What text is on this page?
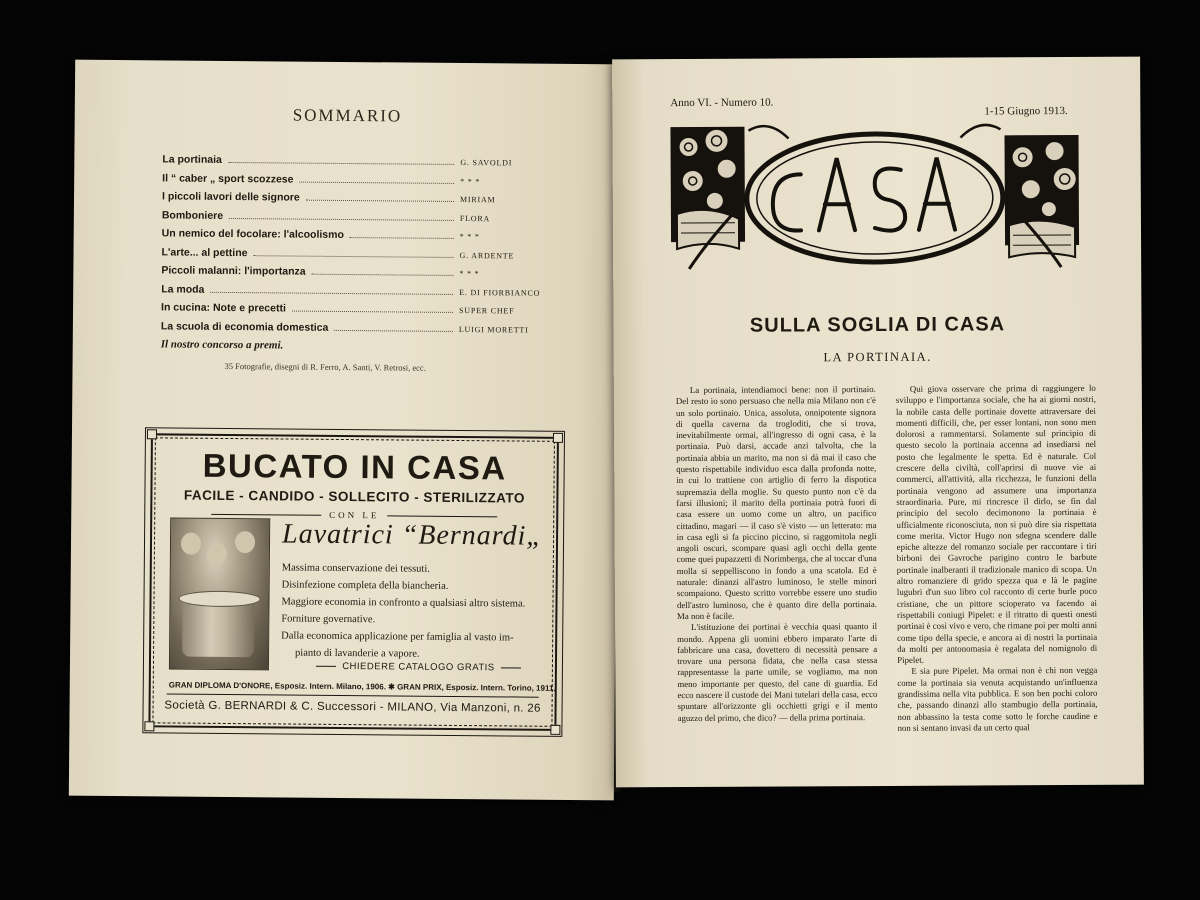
SOMMARIO
La portinaia	G. SAVOLDI
Il “ caber „ sport scozzese	* * *
I piccoli lavori delle signore	MIRIAM
Bomboniere	FLORA
Un nemico del focolare: l'alcoolismo	* * *
L'arte... al pettine	G. ARDENTE
Piccoli malanni: l'importanza	* * *
La moda	E. DI FIORBIANCO
In cucina: Note e precetti	SUPER CHEF
La scuola di economia domestica	LUIGI MORETTI
Il nostro concorso a premi.
35 Fotografie, disegni di R. Ferro, A. Santi, V. Retrosi, ecc.
BUCATO IN CASA
FACILE - CANDIDO - SOLLECITO - STERILIZZATO
CON LE
Lavatrici “Bernardi„
Massima conservazione dei tessuti.
Disinfezione completa della biancheria.
Maggiore economia in confronto a qualsiasi altro sistema.
Forniture governative.
Dalla economica applicazione per famiglia al vasto im-
pianto di lavanderie a vapore.
CHIEDERE CATALOGO GRATIS
GRAN DIPLOMA D'ONORE, Esposiz. Intern. Milano, 1906. ✱ GRAN PRIX, Esposiz. Intern. Torino, 1911.
Società G. BERNARDI & C. Successori - MILANO, Via Manzoni, n. 26
Anno VI. - Numero 10.
1-15 Giugno 1913.
SULLA SOGLIA DI CASA
LA PORTINAIA.

La portinaia, intendiamoci bene: non il portinaio. Del resto io sono persuaso che nella mia Milano non c'è un solo portinaio. Unica, assoluta, onnipotente signora di quella caverna da trogloditi, che si trova, inevitabilmente ormai, all'ingresso di ogni casa, è la portinaia. Può darsi, accade anzi talvolta, che la portinaia abbia un marito, ma non si dà mai il caso che questo rispettabile individuo esca dalla profonda notte, in cui lo trattiene con artiglio di ferro la dispotica supremazia della moglie. Su questo punto non c'è da farsi illusioni; il marito della portinaia potrà fuori di casa essere un uomo come un altro, un pacifico cittadino, magari — il caso s'è visto — un letterato: ma in casa egli si fa piccino piccino, si raggomitola negli angoli oscuri, scompare quasi agli occhi della gente come quei pupazzetti di Norimberga, che al toccar d'una molla si seppelliscono in fondo a una scatola. Ed è naturale: dinanzi all'astro luminoso, le stelle minori scompaiono. Questo scritto vorrebbe essere uno studio dell'astro luminoso, che è quanto dire della portinaia. Ma non è facile.

L'istituzione dei portinai è vecchia quasi quanto il mondo. Appena gli uomini ebbero imparato l'arte di fabbricare una casa, dovettero di necessità pensare a trovare una persona fidata, che nella casa stessa rappresentasse la parte umile, se vogliamo, ma non meno importante per questo, del cane di guardia. Ed ecco nascere il custode dei Mani tutelari della casa, ecco spuntare all'orizzonte gli occhietti grigi e il mento aguzzo del primo, che dico? — della prima portinaia.

Qui giova osservare che prima di raggiungere lo sviluppo e l'importanza sociale, che ha ai giorni nostri, la nobile casta delle portinaie dovette attraversare dei momenti difficili, che, per esser lontani, non sono men dolorosi a rammentarsi. Solamente sul principio di questo secolo la portinaia accenna ad insediarsi nel posto che legalmente le spetta. Ed è naturale. Col crescere della civiltà, coll'aprirsi di nuove vie ai commerci, all'attività, alla ricchezza, le funzioni della portinaia vengono ad assumere una importanza straordinaria. Pure, mi rincresce il dirlo, se fin dal principio del secolo decimonono la portinaia è ufficialmente riconosciuta, non si può dire sia rispettata come merita. Victor Hugo non sdegna scendere dalle epiche altezze del romanzo sociale per raccontare i tiri birboni dei Gavroche parigino contro le barbute portinale inalberanti il tradizionale manico di scopa. Un altro romanziere di grido spezza qua e là le pagine lugubri d'un suo libro col racconto di certe burle poco cristiane, che un pittore scioperato va facendo ai rispettabili coniugi Pipelet: e il ritratto di questi onesti portinai è così vivo e vero, che rimane poi per molti anni come tipo della specie, e ancora ai dì nostri la portinaia da molti per antonomasia è regalata del nomignolo di Pipelet.

E sia pure Pipelet. Ma ormai non è chi non vegga come la portinaia sia venuta acquistando un'influenza grandissima nella vita pubblica. E son ben pochi coloro che, passando dinanzi allo stambugio della portinaia, non abbassino la testa come sotto le forche caudine e non si sentano invasi da un certo qual
